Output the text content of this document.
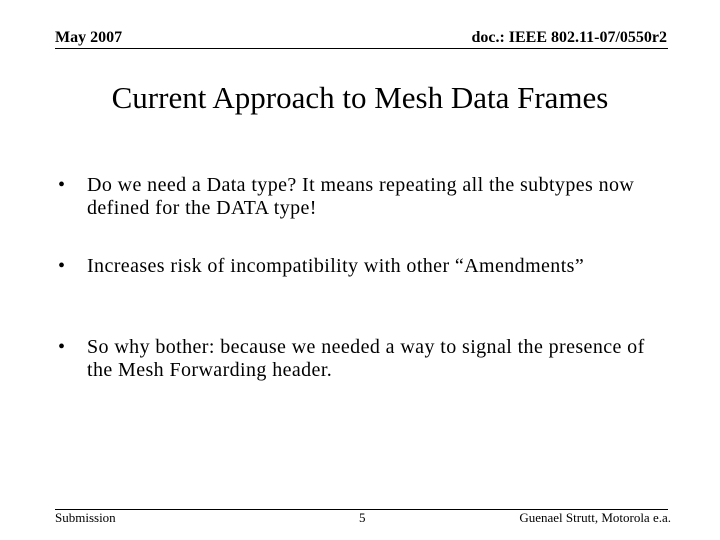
May 2007	doc.: IEEE 802.11-07/0550r2
Current Approach to Mesh Data Frames
•	Do we need a Data type? It means repeating all the subtypes now defined for the DATA type!
•	Increases risk of incompatibility with other “Amendments”
•	So why bother: because we needed a way to signal the presence of the Mesh Forwarding header.
Submission	5	Guenael Strutt, Motorola e.a.
